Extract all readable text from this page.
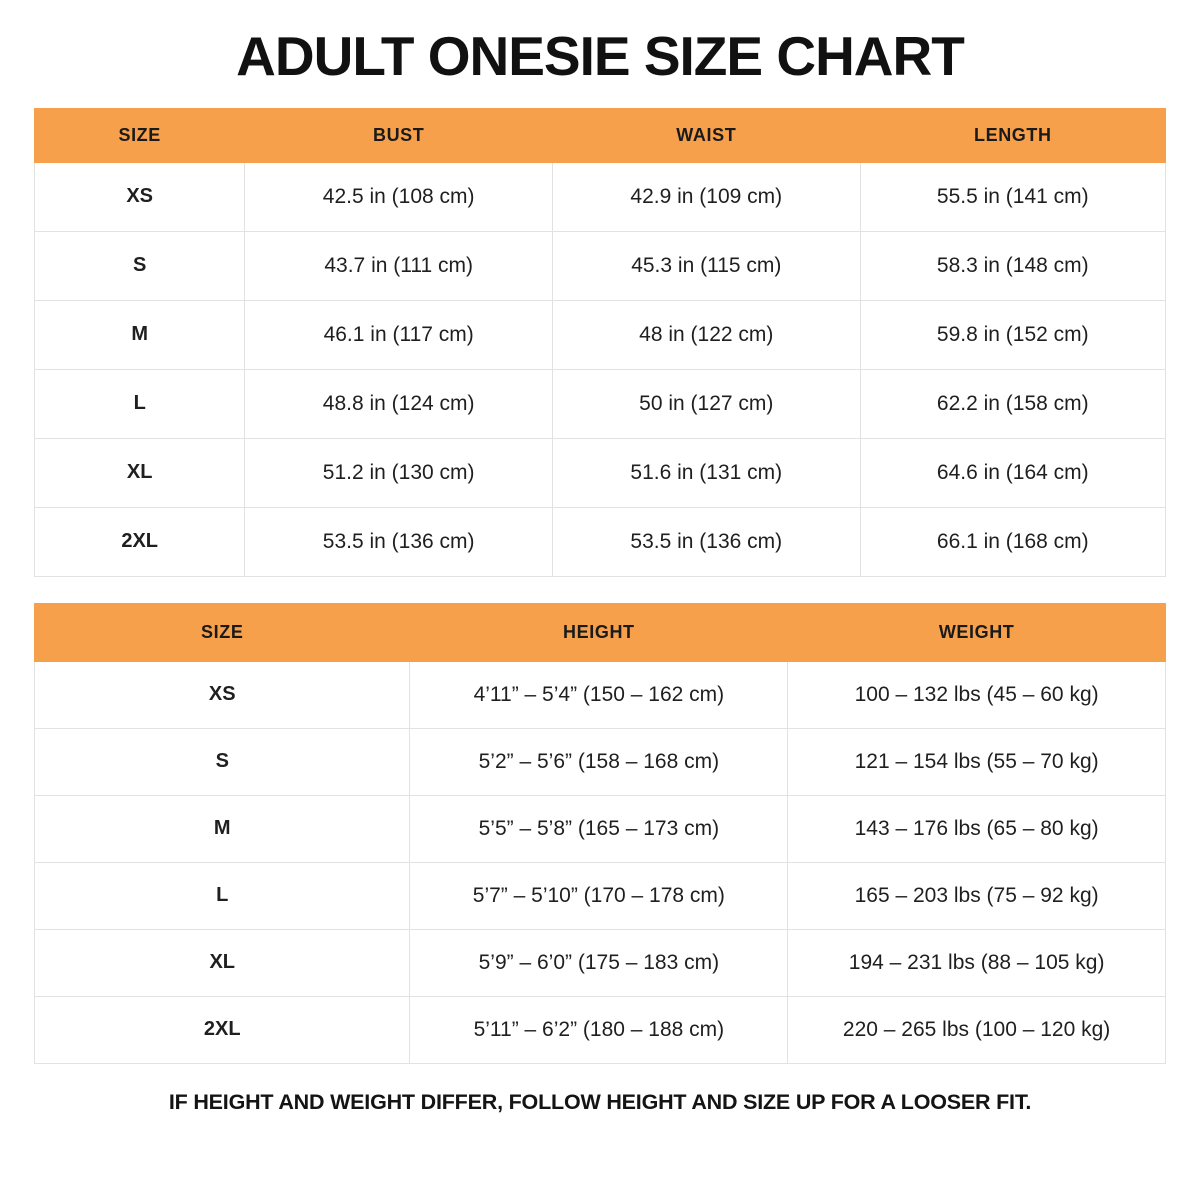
ADULT ONESIE SIZE CHART
SIZE	BUST	WAIST	LENGTH
XS	42.5 in (108 cm)	42.9 in (109 cm)	55.5 in (141 cm)
S	43.7 in (111 cm)	45.3 in (115 cm)	58.3 in (148 cm)
M	46.1 in (117 cm)	48 in (122 cm)	59.8 in (152 cm)
L	48.8 in (124 cm)	50 in (127 cm)	62.2 in (158 cm)
XL	51.2 in (130 cm)	51.6 in (131 cm)	64.6 in (164 cm)
2XL	53.5 in (136 cm)	53.5 in (136 cm)	66.1 in (168 cm)
SIZE	HEIGHT	WEIGHT
XS	4’11” – 5’4” (150 – 162 cm)	100 – 132 lbs (45 – 60 kg)
S	5’2” – 5’6” (158 – 168 cm)	121 – 154 lbs (55 – 70 kg)
M	5’5” – 5’8” (165 – 173 cm)	143 – 176 lbs (65 – 80 kg)
L	5’7” – 5’10” (170 – 178 cm)	165 – 203 lbs (75 – 92 kg)
XL	5’9” – 6’0” (175 – 183 cm)	194 – 231 lbs (88 – 105 kg)
2XL	5’11” – 6’2” (180 – 188 cm)	220 – 265 lbs (100 – 120 kg)
IF HEIGHT AND WEIGHT DIFFER, FOLLOW HEIGHT AND SIZE UP FOR A LOOSER FIT.
